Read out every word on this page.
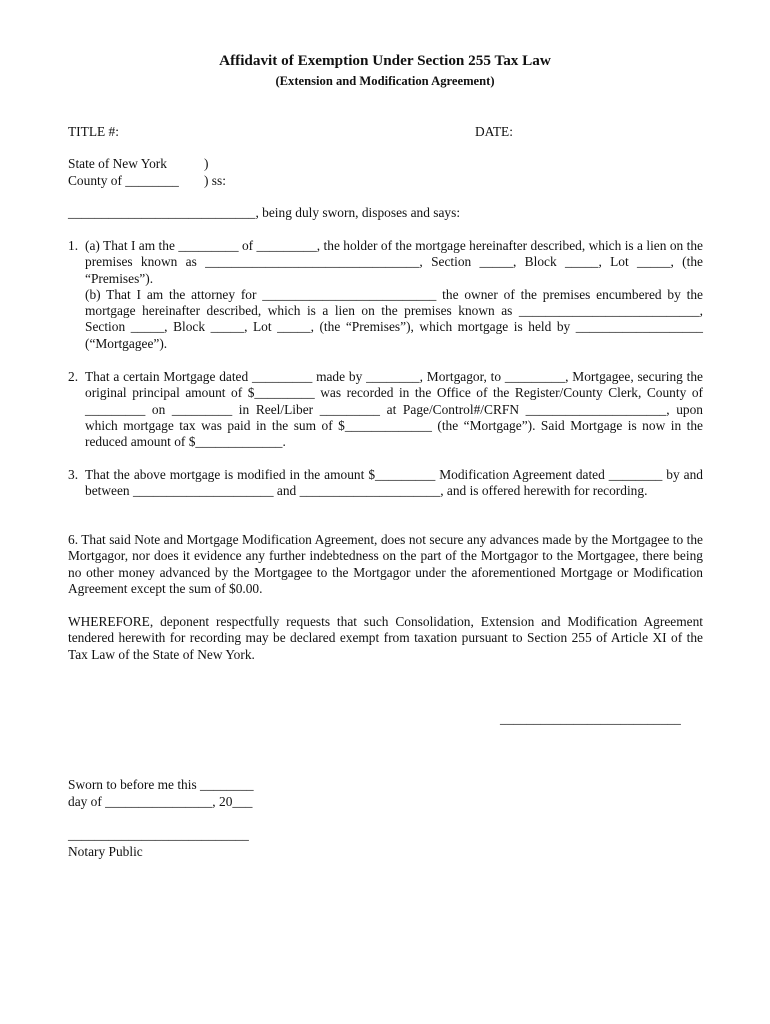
Affidavit of Exemption Under Section 255 Tax Law
(Extension and Modification Agreement)
TITLE #:	DATE:
State of New York	)
County of ________ ) ss:
____________________________, being duly sworn, disposes and says:
1. (a) That I am the _________ of _________, the holder of the mortgage hereinafter described, which is a lien on the premises known as ________________________________, Section _____, Block _____, Lot _____, (the “Premises”).

(b) That I am the attorney for __________________________ the owner of the premises encumbered by the mortgage hereinafter described, which is a lien on the premises known as ___________________________, Section _____, Block _____, Lot _____, (the “Premises”), which mortgage is held by ___________________ (“Mortgagee”).

2. That a certain Mortgage dated _________ made by ________, Mortgagor, to _________, Mortgagee, securing the original principal amount of $_________ was recorded in the Office of the Register/County Clerk, County of _________ on _________ in Reel/Liber _________ at Page/Control#/CRFN _____________________, upon which mortgage tax was paid in the sum of $_____________ (the “Mortgage”). Said Mortgage is now in the reduced amount of $_____________.
3. That the above mortgage is modified in the amount $_________ Modification Agreement dated ________ by and between _____________________ and _____________________, and is offered herewith for recording.
6. That said Note and Mortgage Modification Agreement, does not secure any advances made by the Mortgagee to the Mortgagor, nor does it evidence any further indebtedness on the part of the Mortgagor to the Mortgagee, there being no other money advanced by the Mortgagee to the Mortgagor under the aforementioned Mortgage or Modification Agreement except the sum of $0.00.
WHEREFORE, deponent respectfully requests that such Consolidation, Extension and Modification Agreement tendered herewith for recording may be declared exempt from taxation pursuant to Section 255 of Article XI of the Tax Law of the State of New York.
___________________________
Sworn to before me this ________
day of ________________, 20___
___________________________
Notary Public
